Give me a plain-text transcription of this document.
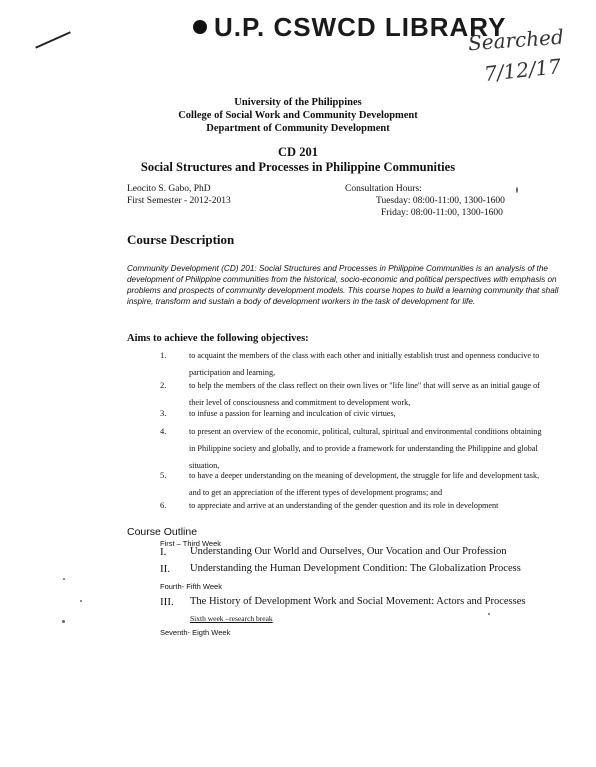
U.P. CSWCD LIBRARY
Searched
7/12/17
University of the Philippines
College of Social Work and Community Development
Department of Community Development
CD 201
Social Structures and Processes in Philippine Communities
Leocito S. Gabo, PhD
First Semester - 2012-2013
Consultation Hours:
Tuesday: 08:00-11:00, 1300-1600
Friday: 08:00-11:00, 1300-1600
Course Description
Community Development (CD) 201: Social Structures and Processes in Philippine Communities is an analysis of the development of Philippine communities from the historical, socio-economic and political perspectives with emphasis on problems and prospects of community development models. This course hopes to build a learning community that shall inspire, transform and sustain a body of development workers in the task of development for life.
Aims to achieve the following objectives:
1.	to acquaint the members of the class with each other and initially establish trust and openness conducive to participation and learning,
2.	to help the members of the class reflect on their own lives or "life line" that will serve as an initial gauge of their level of consciousness and commitment to development work,
3.	to infuse a passion for learning and inculcation of civic virtues,
4.	to present an overview of the economic, political, cultural, spiritual and environmental conditions obtaining in Philippine society and globally, and to provide a framework for understanding the Philippine and global situation,
5.	to have a deeper understanding on the meaning of development, the struggle for life and development task, and to get an appreciation of the ifferent types of development programs; and
6.	to appreciate and arrive at an understanding of the gender question and its role in development
Course Outline
First – Third Week
I. Understanding Our World and Ourselves, Our Vocation and Our Profession
II. Understanding the Human Development Condition: The Globalization Process
Fourth- Fifth Week
III. The History of Development Work and Social Movement: Actors and Processes
Sixth week –research break
Seventh- Eigth Week
